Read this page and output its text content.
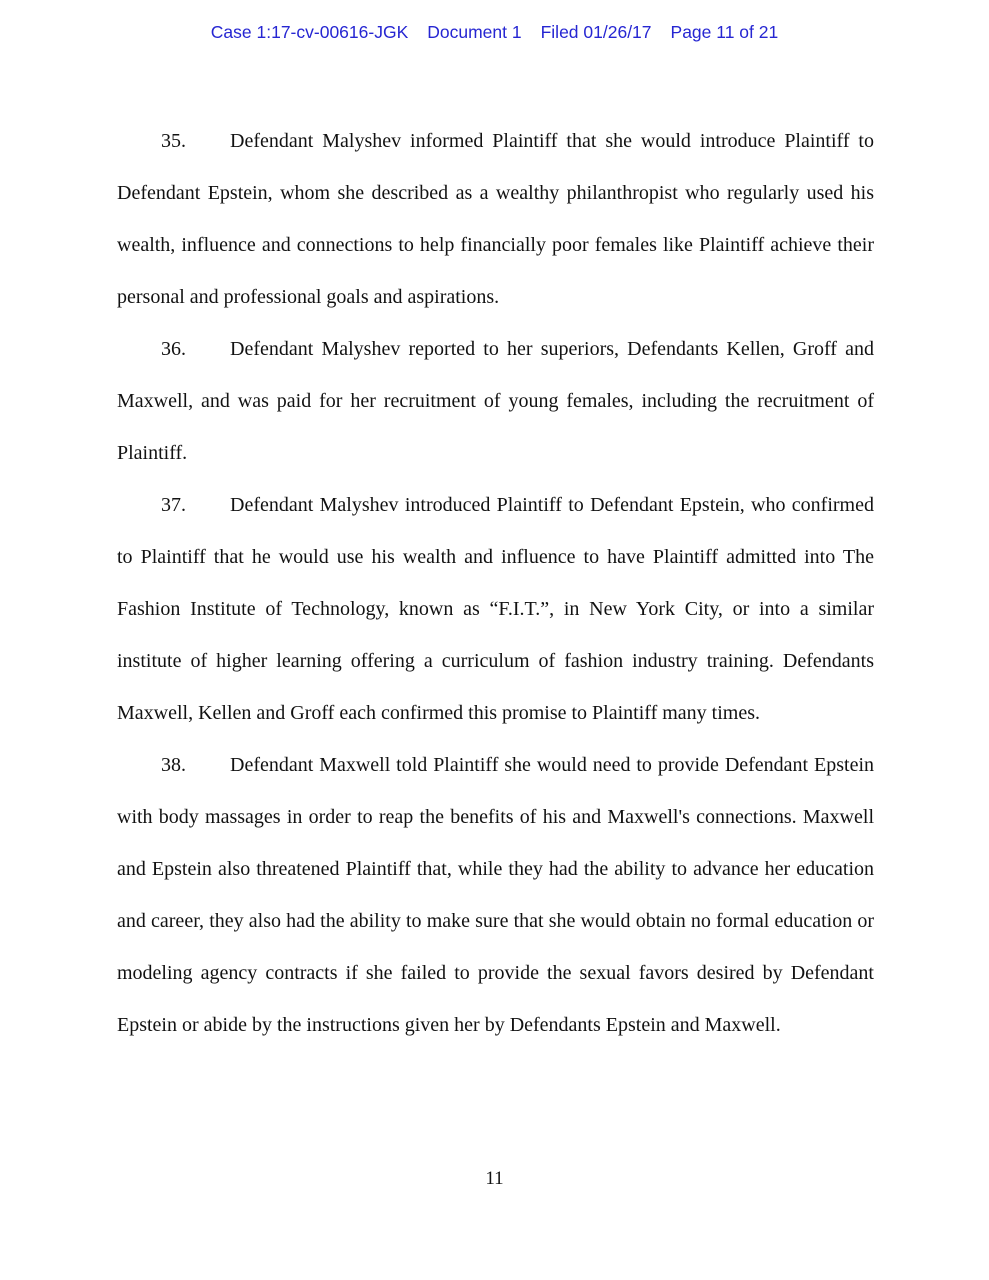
Case 1:17-cv-00616-JGK Document 1 Filed 01/26/17 Page 11 of 21

35. Defendant Malyshev informed Plaintiff that she would introduce Plaintiff to Defendant Epstein, whom she described as a wealthy philanthropist who regularly used his wealth, influence and connections to help financially poor females like Plaintiff achieve their personal and professional goals and aspirations.

36. Defendant Malyshev reported to her superiors, Defendants Kellen, Groff and Maxwell, and was paid for her recruitment of young females, including the recruitment of Plaintiff.

37. Defendant Malyshev introduced Plaintiff to Defendant Epstein, who confirmed to Plaintiff that he would use his wealth and influence to have Plaintiff admitted into The Fashion Institute of Technology, known as “F.I.T.”, in New York City, or into a similar institute of higher learning offering a curriculum of fashion industry training. Defendants Maxwell, Kellen and Groff each confirmed this promise to Plaintiff many times.

38. Defendant Maxwell told Plaintiff she would need to provide Defendant Epstein with body massages in order to reap the benefits of his and Maxwell's connections. Maxwell and Epstein also threatened Plaintiff that, while they had the ability to advance her education and career, they also had the ability to make sure that she would obtain no formal education or modeling agency contracts if she failed to provide the sexual favors desired by Defendant Epstein or abide by the instructions given her by Defendants Epstein and Maxwell.

11
